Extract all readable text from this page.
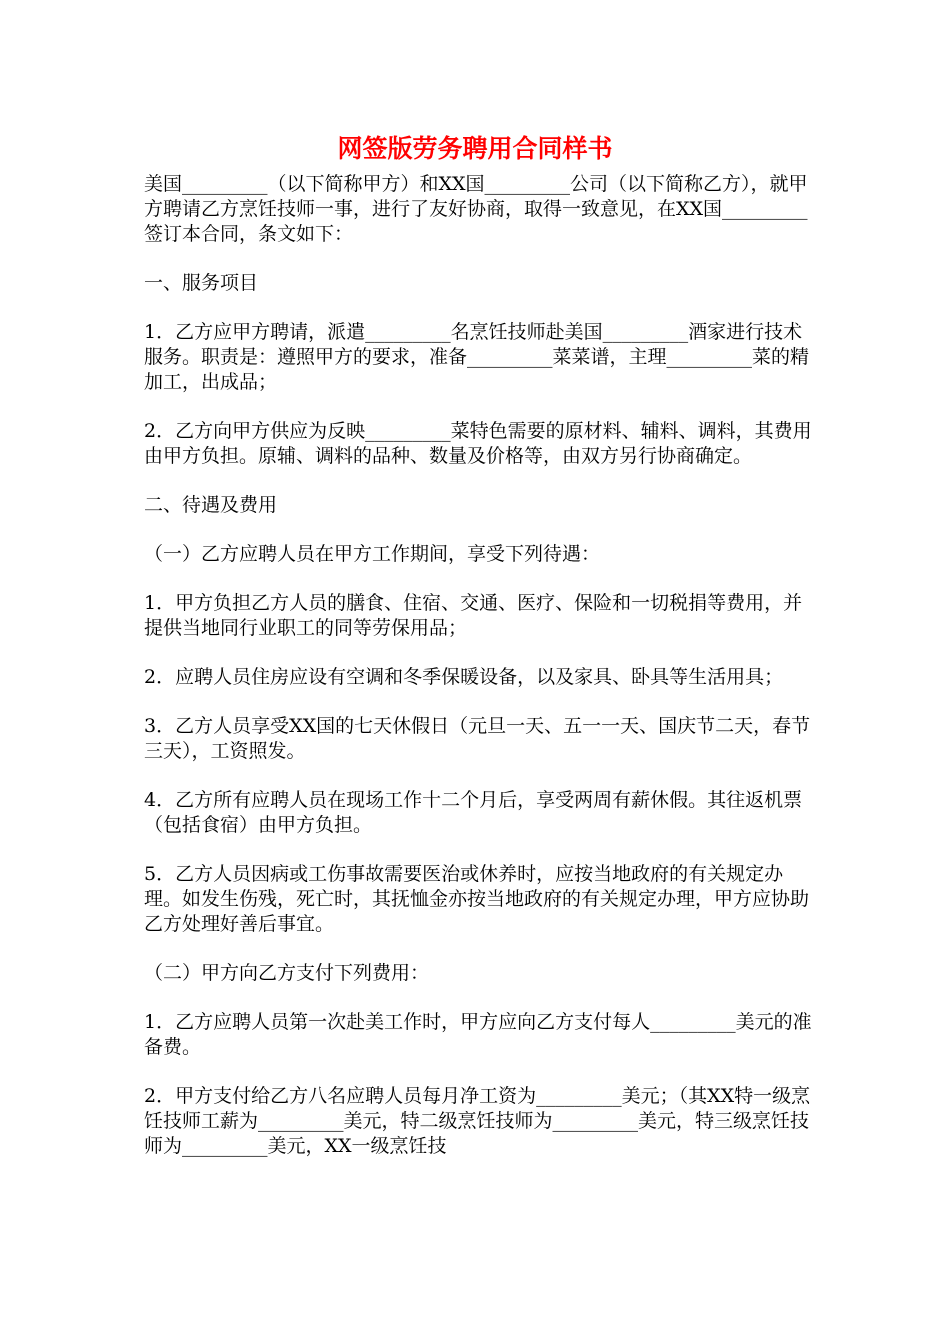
网签版劳务聘用合同样书

美国_________（以下简称甲方）和XX国_________公司（以下简称乙方），就甲方聘请乙方烹饪技师一事，进行了友好协商，取得一致意见，在XX国_________签订本合同，条文如下：

一、服务项目

1．乙方应甲方聘请，派遣_________名烹饪技师赴美国_________酒家进行技术服务。职责是：遵照甲方的要求，准备_________菜菜谱，主理_________菜的精加工，出成品；

2．乙方向甲方供应为反映_________菜特色需要的原材料、辅料、调料，其费用由甲方负担。原辅、调料的品种、数量及价格等，由双方另行协商确定。

二、待遇及费用

（一）乙方应聘人员在甲方工作期间，享受下列待遇：

1．甲方负担乙方人员的膳食、住宿、交通、医疗、保险和一切税捐等费用，并提供当地同行业职工的同等劳保用品；

2．应聘人员住房应设有空调和冬季保暖设备，以及家具、卧具等生活用具；

3．乙方人员享受XX国的七天休假日（元旦一天、五一一天、国庆节二天，春节三天），工资照发。

4．乙方所有应聘人员在现场工作十二个月后，享受两周有薪休假。其往返机票（包括食宿）由甲方负担。

5．乙方人员因病或工伤事故需要医治或休养时，应按当地政府的有关规定办理。如发生伤残，死亡时，其抚恤金亦按当地政府的有关规定办理，甲方应协助乙方处理好善后事宜。

（二）甲方向乙方支付下列费用：

1．乙方应聘人员第一次赴美工作时，甲方应向乙方支付每人_________美元的准备费。

2．甲方支付给乙方八名应聘人员每月净工资为_________美元；（其XX特一级烹饪技师工薪为_________美元，特二级烹饪技师为_________美元，特三级烹饪技师为_________美元，XX一级烹饪技
